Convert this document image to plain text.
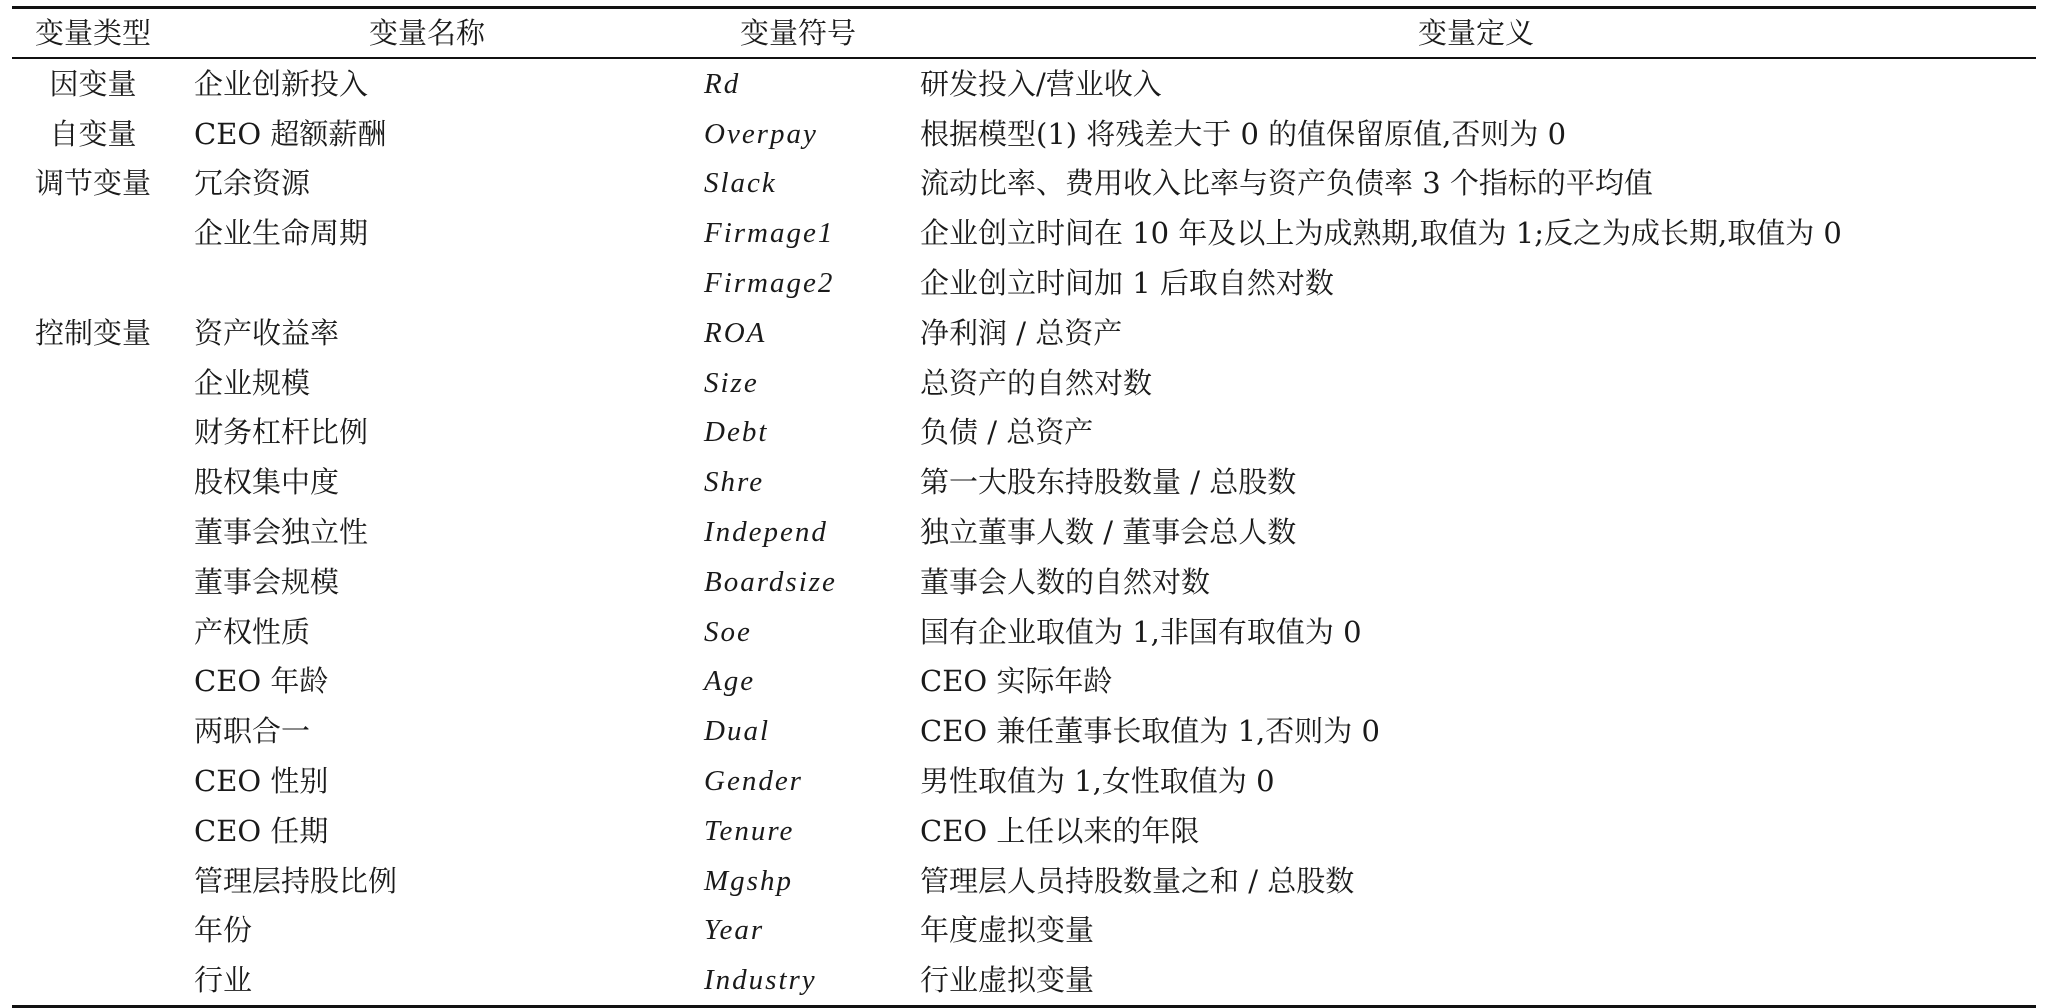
变量类型	变量名称	变量符号	变量定义
因变量	企业创新投入	Rd	研发投入/营业收入
自变量	CEO 超额薪酬	Overpay	根据模型(1) 将残差大于 0 的值保留原值,否则为 0
调节变量	冗余资源	Slack	流动比率、费用收入比率与资产负债率 3 个指标的平均值
	企业生命周期	Firmage1	企业创立时间在 10 年及以上为成熟期,取值为 1;反之为成长期,取值为 0
		Firmage2	企业创立时间加 1 后取自然对数
控制变量	资产收益率	ROA	净利润 / 总资产
	企业规模	Size	总资产的自然对数
	财务杠杆比例	Debt	负债 / 总资产
	股权集中度	Shre	第一大股东持股数量 / 总股数
	董事会独立性	Independ	独立董事人数 / 董事会总人数
	董事会规模	Boardsize	董事会人数的自然对数
	产权性质	Soe	国有企业取值为 1,非国有取值为 0
	CEO 年龄	Age	CEO 实际年龄
	两职合一	Dual	CEO 兼任董事长取值为 1,否则为 0
	CEO 性别	Gender	男性取值为 1,女性取值为 0
	CEO 任期	Tenure	CEO 上任以来的年限
	管理层持股比例	Mgshp	管理层人员持股数量之和 / 总股数
	年份	Year	年度虚拟变量
	行业	Industry	行业虚拟变量
